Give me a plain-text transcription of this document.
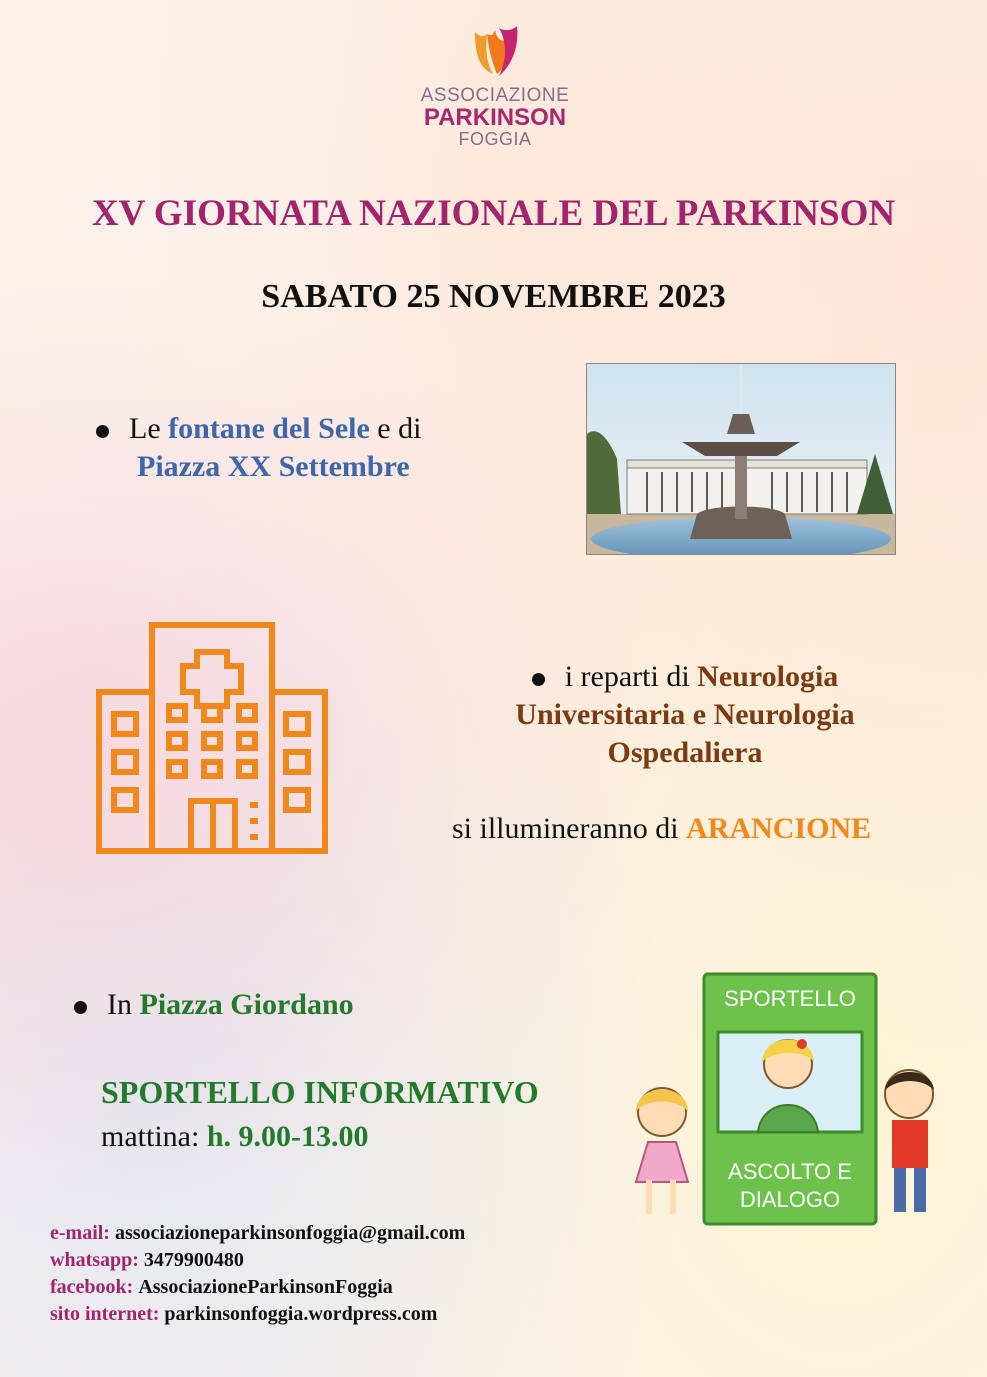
ASSOCIAZIONE
PARKINSON
FOGGIA
XV GIORNATA NAZIONALE DEL PARKINSON
SABATO 25 NOVEMBRE 2023
Le fontane del Sele e di
Piazza XX Settembre
i reparti di Neurologia
Universitaria e Neurologia
Ospedaliera
si illumineranno di ARANCIONE
In Piazza Giordano
SPORTELLO INFORMATIVO
mattina: h. 9.00-13.00
SPORTELLO
ASCOLTO E
DIALOGO
e-mail: associazioneparkinsonfoggia@gmail.com
whatsapp: 3479900480
facebook: AssociazioneParkinsonFoggia
sito internet: parkinsonfoggia.wordpress.com
